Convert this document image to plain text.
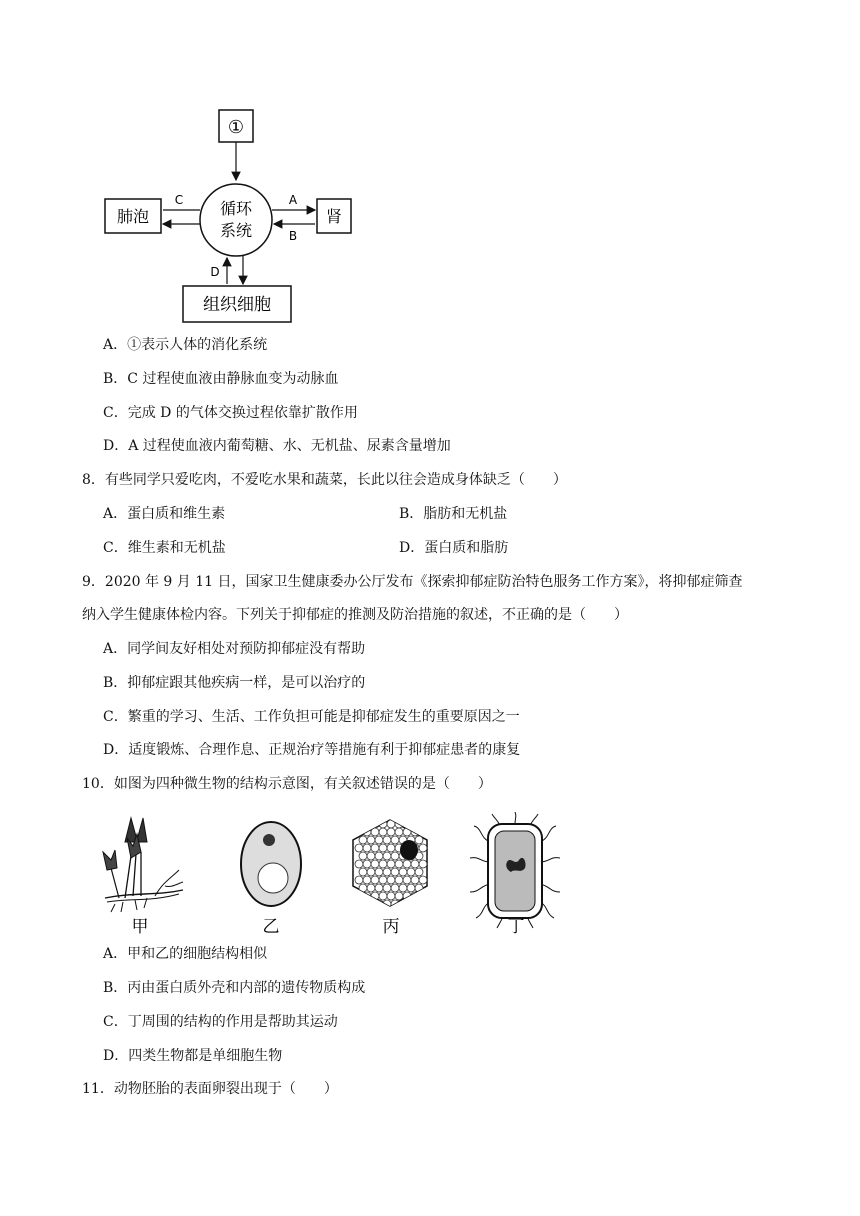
①
循环
系统
肺泡	肾
组织细胞
C	A
B
D
A．①表示人体的消化系统
B．C 过程使血液由静脉血变为动脉血
C．完成 D 的气体交换过程依靠扩散作用
D．A 过程使血液内葡萄糖、水、无机盐、尿素含量增加
8．有些同学只爱吃肉，不爱吃水果和蔬菜，长此以往会造成身体缺乏（　　）
A．蛋白质和维生素	B．脂肪和无机盐
C．维生素和无机盐	D．蛋白质和脂肪
9．2020 年 9 月 11 日，国家卫生健康委办公厅发布《探索抑郁症防治特色服务工作方案》，将抑郁症筛查
纳入学生健康体检内容。下列关于抑郁症的推测及防治措施的叙述，不正确的是（　　）
A．同学间友好相处对预防抑郁症没有帮助
B．抑郁症跟其他疾病一样，是可以治疗的
C．繁重的学习、生活、工作负担可能是抑郁症发生的重要原因之一
D．适度锻炼、合理作息、正规治疗等措施有利于抑郁症患者的康复
10．如图为四种微生物的结构示意图，有关叙述错误的是（　　）
甲	乙	丙	丁
A．甲和乙的细胞结构相似
B．丙由蛋白质外壳和内部的遗传物质构成
C．丁周围的结构的作用是帮助其运动
D．四类生物都是单细胞生物
11．动物胚胎的表面卵裂出现于（　　）
